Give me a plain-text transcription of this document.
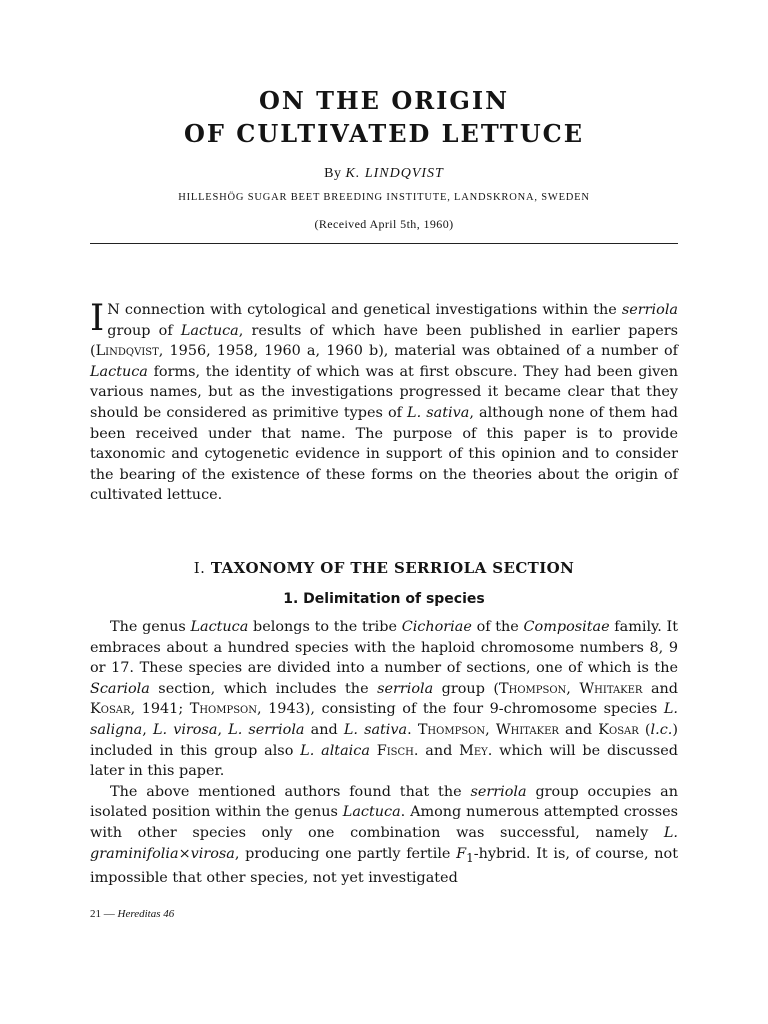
ON THE ORIGIN
OF CULTIVATED LETTUCE
By K. LINDQVIST
HILLESHÖG SUGAR BEET BREEDING INSTITUTE, LANDSKRONA, SWEDEN
(Received April 5th, 1960)

I N connection with cytological and genetical investigations within the serriola group of Lactuca, results of which have been published in earlier papers (Lindqvist, 1956, 1958, 1960 a, 1960 b), material was obtained of a number of Lactuca forms, the identity of which was at first obscure. They had been given various names, but as the investigations progressed it became clear that they should be considered as primitive types of L. sativa, although none of them had been received under that name. The purpose of this paper is to provide taxonomic and cytogenetic evidence in support of this opinion and to consider the bearing of the existence of these forms on the theories about the origin of cultivated lettuce.

I. TAXONOMY OF THE SERRIOLA SECTION
1. Delimitation of species

The genus Lactuca belongs to the tribe Cichoriae of the Compositae family. It embraces about a hundred species with the haploid chromosome numbers 8, 9 or 17. These species are divided into a number of sections, one of which is the Scariola section, which includes the serriola group (Thompson, Whitaker and Kosar, 1941; Thompson, 1943), consisting of the four 9-chromosome species L. saligna, L. virosa, L. serriola and L. sativa. Thompson, Whitaker and Kosar (l.c.) included in this group also L. altaica Fisch. and Mey. which will be discussed later in this paper.

The above mentioned authors found that the serriola group occupies an isolated position within the genus Lactuca. Among numerous attempted crosses with other species only one combination was successful, namely L. graminifolia×virosa, producing one partly fertile $F_1$-hybrid. It is, of course, not impossible that other species, not yet investigated

21 — Hereditas 46
